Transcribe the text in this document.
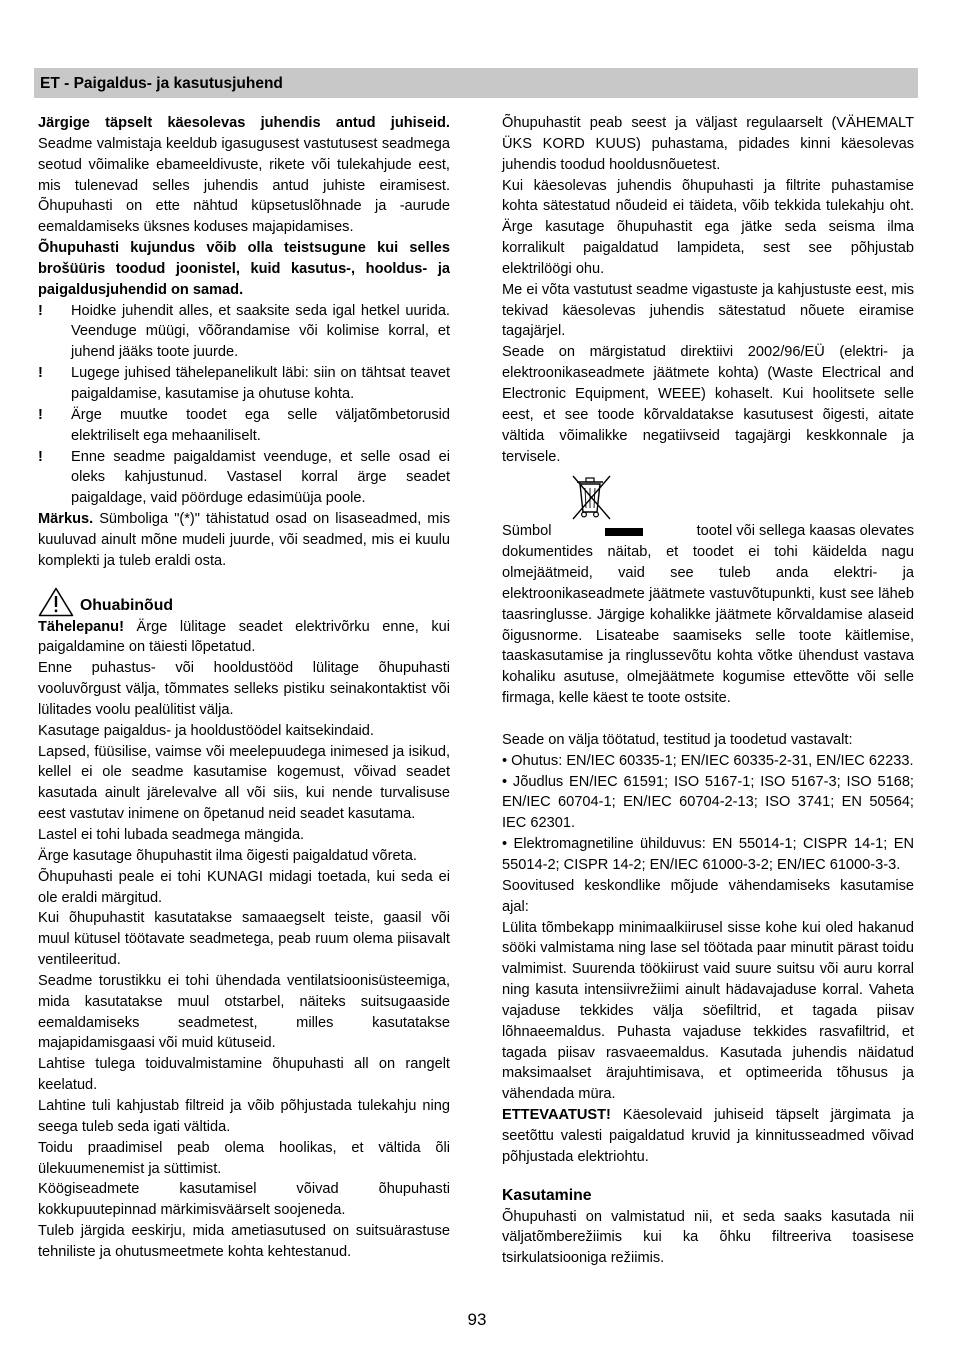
ET - Paigaldus- ja kasutusjuhend

Järgige täpselt käesolevas juhendis antud juhiseid. Seadme valmistaja keeldub igasugusest vastutusest seadmega seotud võimalike ebameeldivuste, rikete või tulekahjude eest, mis tulenevad selles juhendis antud juhiste eiramisest. Õhupuhasti on ette nähtud küpsetuslõhnade ja -aurude eemaldamiseks üksnes koduses majapidamises.

Õhupuhasti kujundus võib olla teistsugune kui selles brošüüris toodud joonistel, kuid kasutus-, hooldus- ja paigaldusjuhendid on samad.

!	Hoidke juhendit alles, et saaksite seda igal hetkel uurida. Veenduge müügi, võõrandamise või kolimise korral, et juhend jääks toote juurde.
!	Lugege juhised tähelepanelikult läbi: siin on tähtsat teavet paigaldamise, kasutamise ja ohutuse kohta.
!	Ärge muutke toodet ega selle väljatõmbetorusid elektriliselt ega mehaaniliselt.
!	Enne seadme paigaldamist veenduge, et selle osad ei oleks kahjustunud. Vastasel korral ärge seadet paigaldage, vaid pöörduge edasimüüja poole.

Märkus. Sümboliga "(*)" tähistatud osad on lisaseadmed, mis kuuluvad ainult mõne mudeli juurde, või seadmed, mis ei kuulu komplekti ja tuleb eraldi osta.

Ohuabinõud

Tähelepanu! Ärge lülitage seadet elektrivõrku enne, kui paigaldamine on täiesti lõpetatud.

Enne puhastus- või hooldustööd lülitage õhupuhasti vooluvõrgust välja, tõmmates selleks pistiku seinakontaktist või lülitades voolu pealülitist välja.

Kasutage paigaldus- ja hooldustöödel kaitsekindaid.

Lapsed, füüsilise, vaimse või meelepuudega inimesed ja isikud, kellel ei ole seadme kasutamise kogemust, võivad seadet kasutada ainult järelevalve all või siis, kui nende turvalisuse eest vastutav inimene on õpetanud neid seadet kasutama.

Lastel ei tohi lubada seadmega mängida.

Ärge kasutage õhupuhastit ilma õigesti paigaldatud võreta.

Õhupuhasti peale ei tohi KUNAGI midagi toetada, kui seda ei ole eraldi märgitud.

Kui õhupuhastit kasutatakse samaaegselt teiste, gaasil või muul kütusel töötavate seadmetega, peab ruum olema piisavalt ventileeritud.

Seadme torustikku ei tohi ühendada ventilatsioonisüsteemiga, mida kasutatakse muul otstarbel, näiteks suitsugaaside eemaldamiseks seadmetest, milles kasutatakse majapidamisgaasi või muid kütuseid.

Lahtise tulega toiduvalmistamine õhupuhasti all on rangelt keelatud.

Lahtine tuli kahjustab filtreid ja võib põhjustada tulekahju ning seega tuleb seda igati vältida.

Toidu praadimisel peab olema hoolikas, et vältida õli ülekuumenemist ja süttimist.

Köögiseadmete kasutamisel võivad õhupuhasti kokkupuutepinnad märkimisväärselt soojeneda.

Tuleb järgida eeskirju, mida ametiasutused on suitsuärastuse tehniliste ja ohutusmeetmete kohta kehtestanud.

Õhupuhastit peab seest ja väljast regulaarselt (VÄHEMALT ÜKS KORD KUUS) puhastama, pidades kinni käesolevas juhendis toodud hooldusnõuetest.

Kui käesolevas juhendis õhupuhasti ja filtrite puhastamise kohta sätestatud nõudeid ei täideta, võib tekkida tulekahju oht. Ärge kasutage õhupuhastit ega jätke seda seisma ilma korralikult paigaldatud lampideta, sest see põhjustab elektrilöögi ohu.

Me ei võta vastutust seadme vigastuste ja kahjustuste eest, mis tekivad käesolevas juhendis sätestatud nõuete eiramise tagajärjel.

Seade on märgistatud direktiivi 2002/96/EÜ (elektri- ja elektroonikaseadmete jäätmete kohta) (Waste Electrical and Electronic Equipment, WEEE) kohaselt. Kui hoolitsete selle eest, et see toode kõrvaldatakse kasutusest õigesti, aitate vältida võimalikke negatiivseid tagajärgi keskkonnale ja tervisele.

Sümbol	tootel või sellega kaasas olevates

dokumentides näitab, et toodet ei tohi käidelda nagu olmejäätmeid, vaid see tuleb anda elektri- ja elektroonikaseadmete jäätmete vastuvõtupunkti, kust see läheb taasringlusse. Järgige kohalikke jäätmete kõrvaldamise alaseid õigusnorme. Lisateabe saamiseks selle toote käitlemise, taaskasutamise ja ringlussevõtu kohta võtke ühendust vastava kohaliku asutuse, olmejäätmete kogumise ettevõtte või selle firmaga, kelle käest te toote ostsite.

Seade on välja töötatud, testitud ja toodetud vastavalt:

• Ohutus: EN/IEC 60335-1; EN/IEC 60335-2-31, EN/IEC 62233.

• Jõudlus EN/IEC 61591; ISO 5167-1; ISO 5167-3; ISO 5168; EN/IEC 60704-1; EN/IEC 60704-2-13; ISO 3741; EN 50564; IEC 62301.

• Elektromagnetiline ühilduvus: EN 55014-1; CISPR 14-1; EN 55014-2; CISPR 14-2; EN/IEC 61000-3-2; EN/IEC 61000-3-3.

Soovitused keskondlike mõjude vähendamiseks kasutamise ajal:

Lülita tõmbekapp minimaalkiirusel sisse kohe kui oled hakanud sööki valmistama ning lase sel töötada paar minutit pärast toidu valmimist. Suurenda töökiirust vaid suure suitsu või auru korral ning kasuta intensiivrežiimi ainult hädavajaduse korral. Vaheta vajaduse tekkides välja söefiltrid, et tagada piisav lõhnaeemaldus. Puhasta vajaduse tekkides rasvafiltrid, et tagada piisav rasvaeemaldus. Kasutada juhendis näidatud maksimaalset ärajuhtimisava, et optimeerida tõhusus ja vähendada müra.

ETTEVAATUST! Käesolevaid juhiseid täpselt järgimata ja seetõttu valesti paigaldatud kruvid ja kinnitusseadmed võivad põhjustada elektriohtu.

Kasutamine

Õhupuhasti on valmistatud nii, et seda saaks kasutada nii väljatõmberežiimis kui ka õhku filtreeriva toasisese tsirkulatsiooniga režiimis.

93
